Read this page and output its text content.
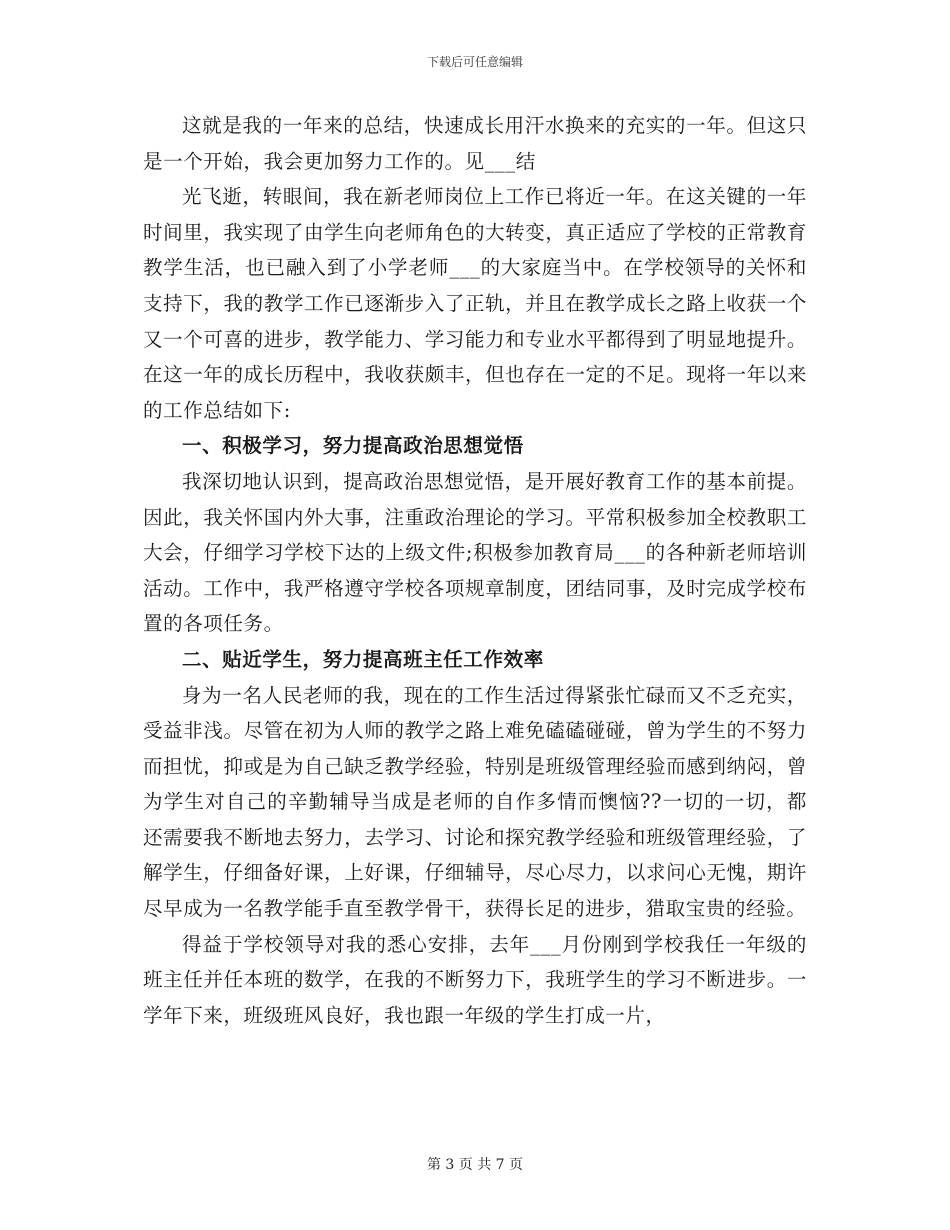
下载后可任意编辑

这就是我的一年来的总结，快速成长用汗水换来的充实的一年。但这只是一个开始，我会更加努力工作的。见___结

光飞逝，转眼间，我在新老师岗位上工作已将近一年。在这关键的一年时间里，我实现了由学生向老师角色的大转变，真正适应了学校的正常教育教学生活，也已融入到了小学老师___的大家庭当中。在学校领导的关怀和支持下，我的教学工作已逐渐步入了正轨，并且在教学成长之路上收获一个又一个可喜的进步，教学能力、学习能力和专业水平都得到了明显地提升。在这一年的成长历程中，我收获颇丰，但也存在一定的不足。现将一年以来的工作总结如下:

一、积极学习，努力提高政治思想觉悟

我深切地认识到，提高政治思想觉悟，是开展好教育工作的基本前提。因此，我关怀国内外大事，注重政治理论的学习。平常积极参加全校教职工大会，仔细学习学校下达的上级文件;积极参加教育局___的各种新老师培训活动。工作中，我严格遵守学校各项规章制度，团结同事，及时完成学校布置的各项任务。

二、贴近学生，努力提高班主任工作效率

身为一名人民老师的我，现在的工作生活过得紧张忙碌而又不乏充实，受益非浅。尽管在初为人师的教学之路上难免磕磕碰碰，曾为学生的不努力而担忧，抑或是为自己缺乏教学经验，特别是班级管理经验而感到纳闷，曾为学生对自己的辛勤辅导当成是老师的自作多情而懊恼??一切的一切，都还需要我不断地去努力，去学习、讨论和探究教学经验和班级管理经验，了解学生，仔细备好课，上好课，仔细辅导，尽心尽力，以求问心无愧，期许尽早成为一名教学能手直至教学骨干，获得长足的进步，猎取宝贵的经验。

得益于学校领导对我的悉心安排，去年___月份刚到学校我任一年级的班主任并任本班的数学，在我的不断努力下，我班学生的学习不断进步。一学年下来，班级班风良好，我也跟一年级的学生打成一片，

第 3 页 共 7 页
